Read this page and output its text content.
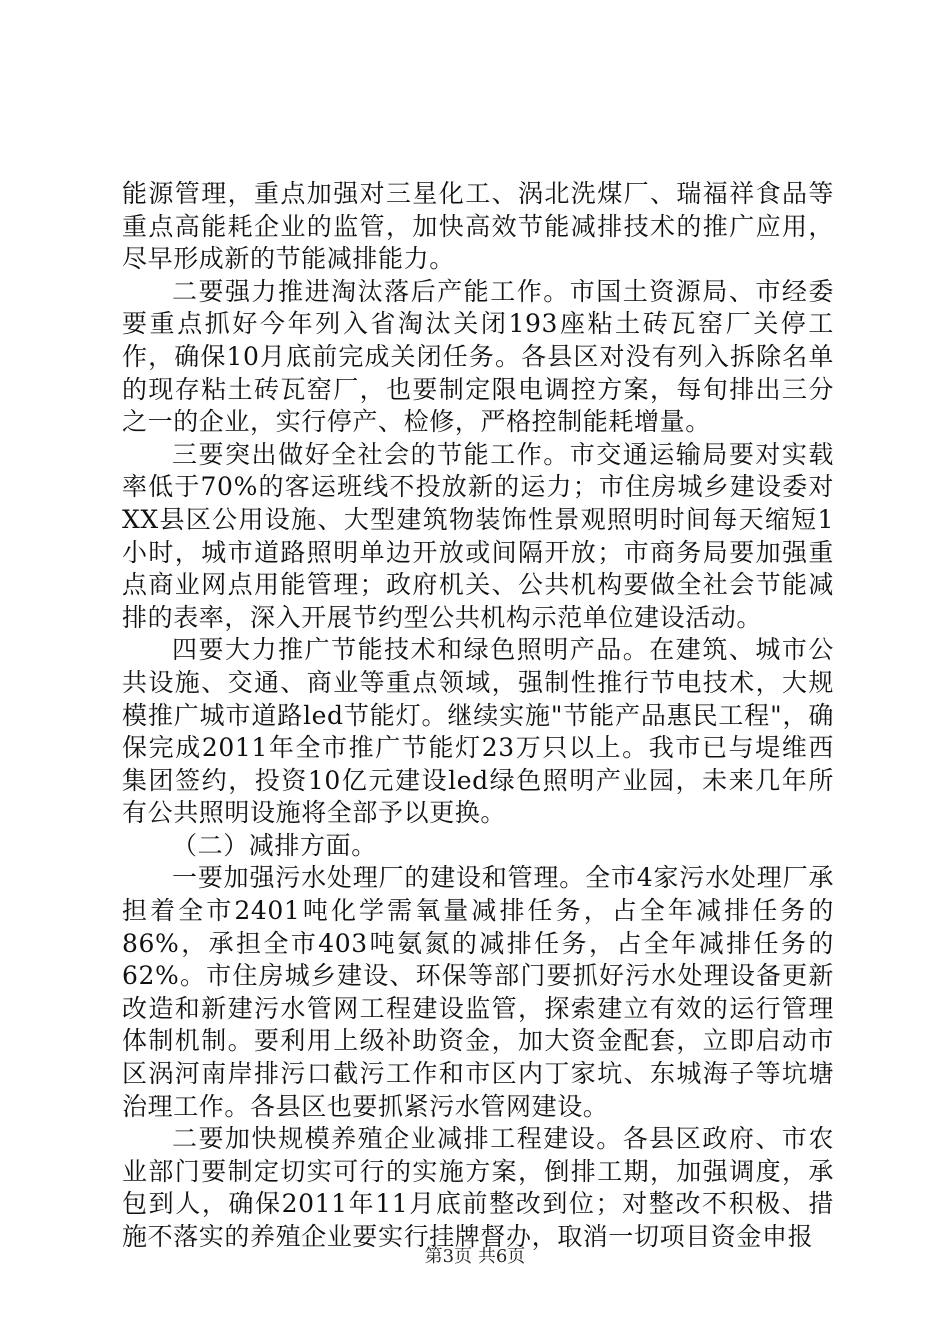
能源管理，重点加强对三星化工、涡北洗煤厂、瑞福祥食品等重点高能耗企业的监管，加快高效节能减排技术的推广应用，尽早形成新的节能减排能力。

二要强力推进淘汰落后产能工作。市国土资源局、市经委要重点抓好今年列入省淘汰关闭193座粘土砖瓦窑厂关停工作，确保10月底前完成关闭任务。各县区对没有列入拆除名单的现存粘土砖瓦窑厂，也要制定限电调控方案，每旬排出三分之一的企业，实行停产、检修，严格控制能耗增量。

三要突出做好全社会的节能工作。市交通运输局要对实载率低于70%的客运班线不投放新的运力；市住房城乡建设委对XX县区公用设施、大型建筑物装饰性景观照明时间每天缩短1小时，城市道路照明单边开放或间隔开放；市商务局要加强重点商业网点用能管理；政府机关、公共机构要做全社会节能减排的表率，深入开展节约型公共机构示范单位建设活动。

四要大力推广节能技术和绿色照明产品。在建筑、城市公共设施、交通、商业等重点领域，强制性推行节电技术，大规模推广城市道路led节能灯。继续实施"节能产品惠民工程"，确保完成2011年全市推广节能灯23万只以上。我市已与堤维西集团签约，投资10亿元建设led绿色照明产业园，未来几年所有公共照明设施将全部予以更换。

（二）减排方面。

一要加强污水处理厂的建设和管理。全市4家污水处理厂承担着全市2401吨化学需氧量减排任务，占全年减排任务的86%，承担全市403吨氨氮的减排任务，占全年减排任务的62%。市住房城乡建设、环保等部门要抓好污水处理设备更新改造和新建污水管网工程建设监管，探索建立有效的运行管理体制机制。要利用上级补助资金，加大资金配套，立即启动市区涡河南岸排污口截污工作和市区内丁家坑、东城海子等坑塘治理工作。各县区也要抓紧污水管网建设。

二要加快规模养殖企业减排工程建设。各县区政府、市农业部门要制定切实可行的实施方案，倒排工期，加强调度，承包到人，确保2011年11月底前整改到位；对整改不积极、措施不落实的养殖企业要实行挂牌督办，取消一切项目资金申报

第3页 共6页
